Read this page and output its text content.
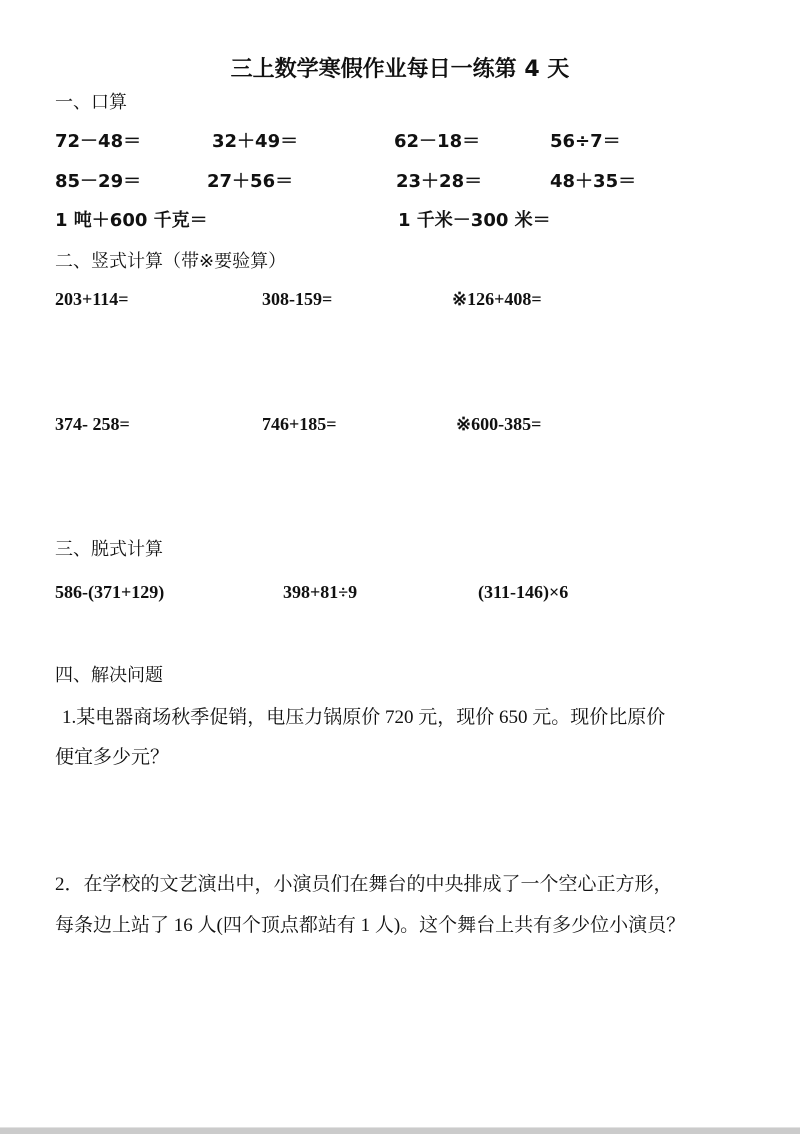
三上数学寒假作业每日一练第 4 天
一、口算
72－48＝	32＋49＝	62－18＝	56÷7＝
85－29＝	27＋56＝	23＋28＝	48＋35＝
1 吨＋600 千克＝	1 千米－300 米＝
二、竖式计算（带※要验算）
203+114=	308-159=	※126+408=
374- 258=	746+185=	※600-385=
三、脱式计算
586-(371+129)	398+81÷9	(311-146)×6
四、解决问题
1.某电器商场秋季促销，电压力锅原价 720 元，现价 650 元。现价比原价
便宜多少元？
2．在学校的文艺演出中，小演员们在舞台的中央排成了一个空心正方形，
每条边上站了 16 人(四个顶点都站有 1 人)。这个舞台上共有多少位小演员？
